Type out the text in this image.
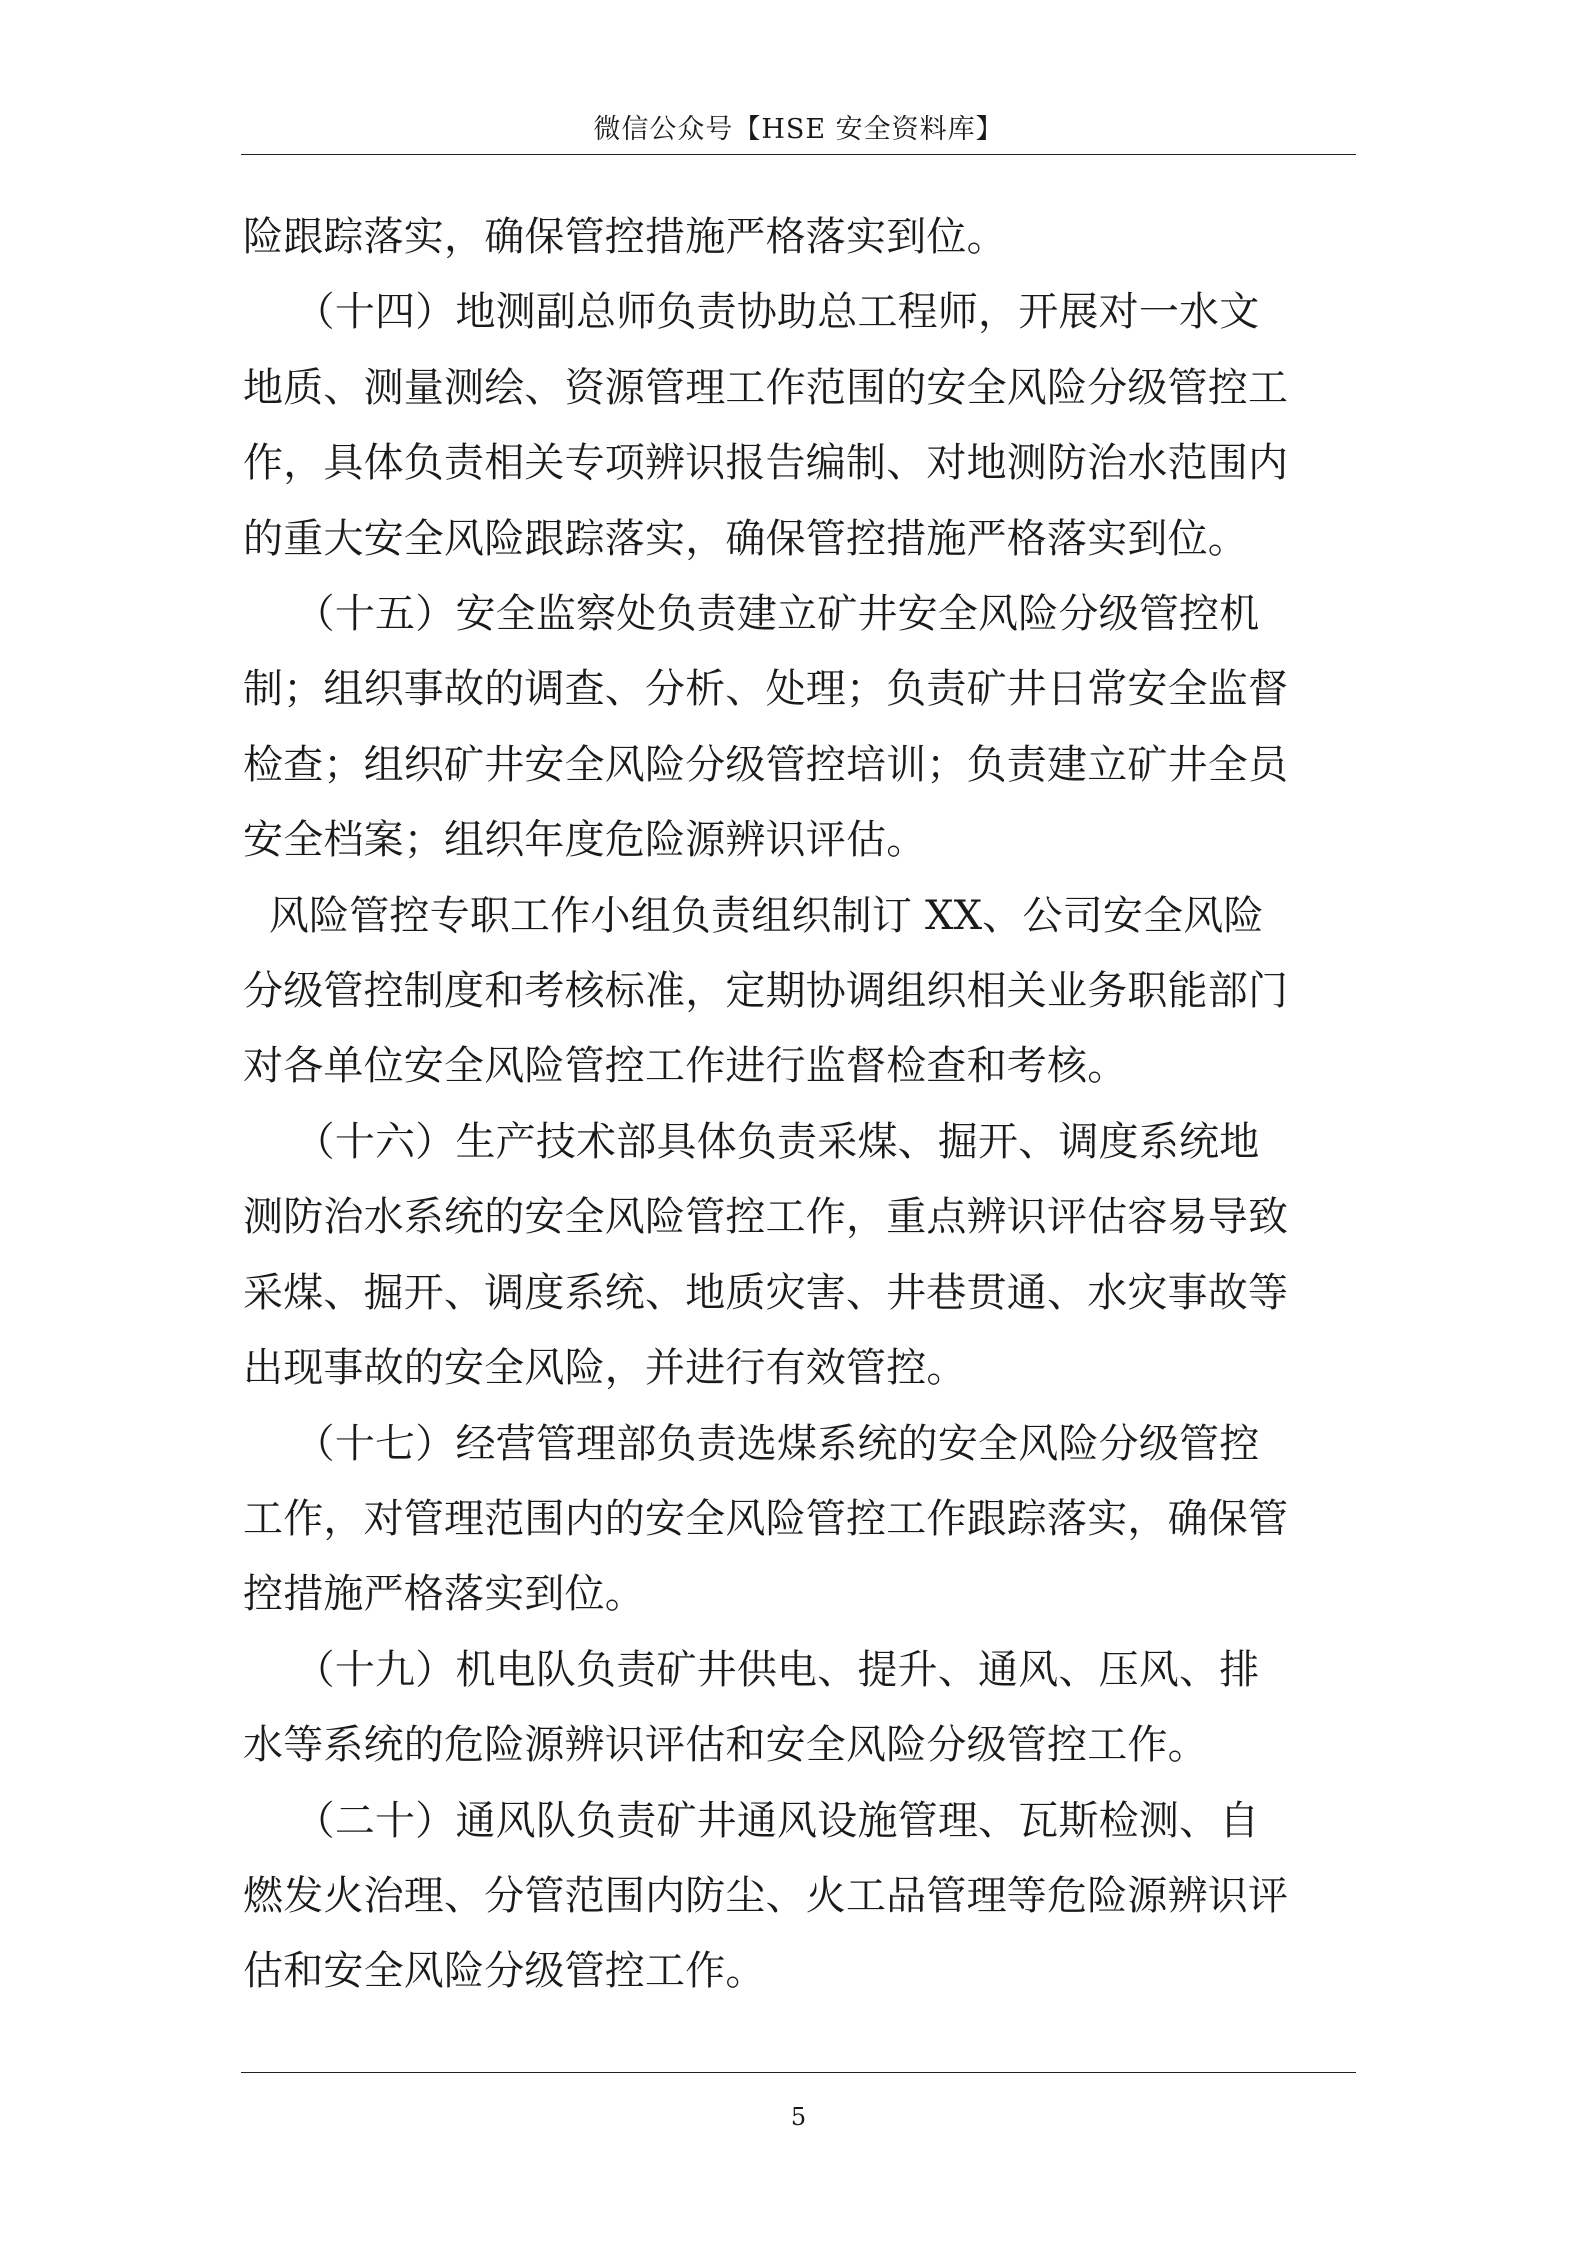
微信公众号【HSE 安全资料库】

险跟踪落实，确保管控措施严格落实到位。

（十四）地测副总师负责协助总工程师，开展对一水文
地质、测量测绘、资源管理工作范围的安全风险分级管控工
作，具体负责相关专项辨识报告编制、对地测防治水范围内
的重大安全风险跟踪落实，确保管控措施严格落实到位。

（十五）安全监察处负责建立矿井安全风险分级管控机
制；组织事故的调查、分析、处理；负责矿井日常安全监督
检查；组织矿井安全风险分级管控培训；负责建立矿井全员
安全档案；组织年度危险源辨识评估。

风险管控专职工作小组负责组织制订 XX、公司安全风险
分级管控制度和考核标准，定期协调组织相关业务职能部门
对各单位安全风险管控工作进行监督检查和考核。

（十六）生产技术部具体负责采煤、掘开、调度系统地
测防治水系统的安全风险管控工作，重点辨识评估容易导致
采煤、掘开、调度系统、地质灾害、井巷贯通、水灾事故等
出现事故的安全风险，并进行有效管控。

（十七）经营管理部负责选煤系统的安全风险分级管控
工作，对管理范围内的安全风险管控工作跟踪落实，确保管
控措施严格落实到位。

（十九）机电队负责矿井供电、提升、通风、压风、排
水等系统的危险源辨识评估和安全风险分级管控工作。

（二十）通风队负责矿井通风设施管理、瓦斯检测、自
燃发火治理、分管范围内防尘、火工品管理等危险源辨识评
估和安全风险分级管控工作。

5
